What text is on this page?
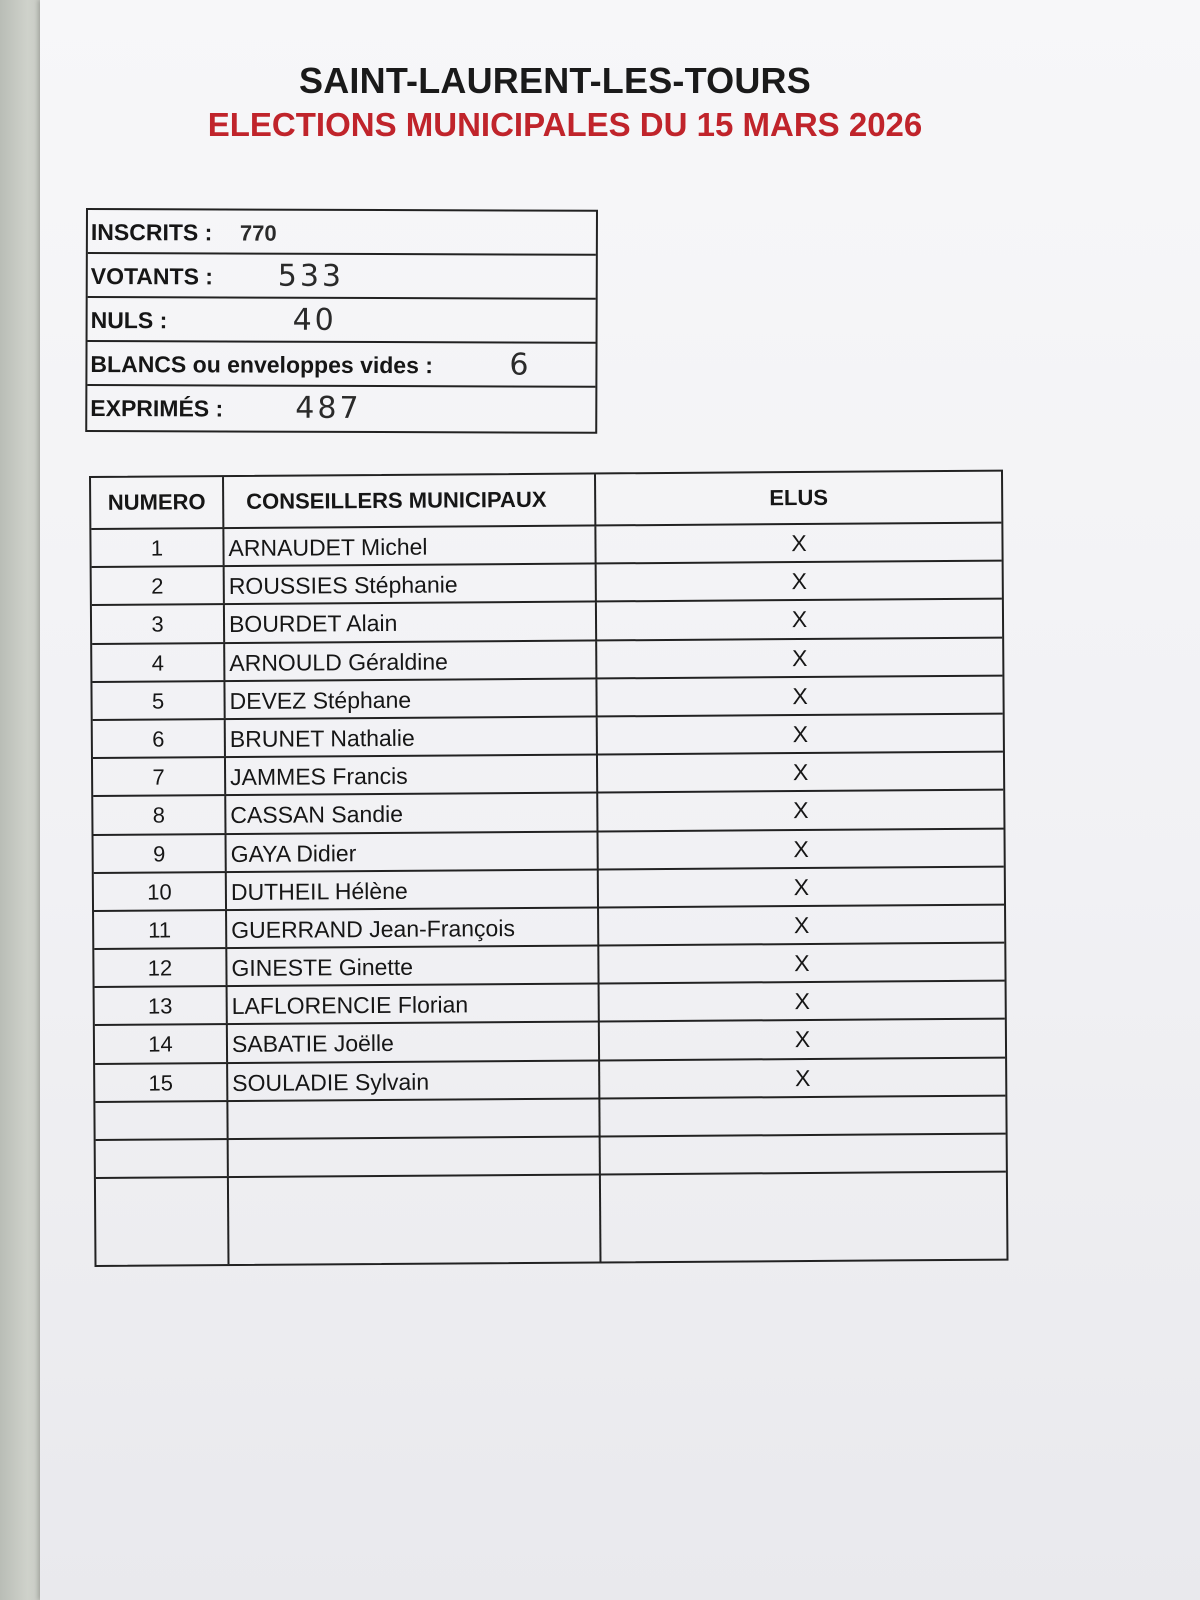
SAINT-LAURENT-LES-TOURS
ELECTIONS MUNICIPALES DU 15 MARS 2026
INSCRITS : 770
VOTANTS : 533
NULS :	40
BLANCS ou enveloppes vides :	6
EXPRIMÉS : 487
NUMERO	CONSEILLERS MUNICIPAUX	ELUS
1	ARNAUDET Michel	X
2	ROUSSIES Stéphanie	X
3	BOURDET Alain	X
4	ARNOULD Géraldine	X
5	DEVEZ Stéphane	X
6	BRUNET Nathalie	X
7	JAMMES Francis	X
8	CASSAN Sandie	X
9	GAYA Didier	X
10	DUTHEIL Hélène	X
11	GUERRAND Jean-François	X
12	GINESTE Ginette	X
13	LAFLORENCIE Florian	X
14	SABATIE Joëlle	X
15	SOULADIE Sylvain	X
